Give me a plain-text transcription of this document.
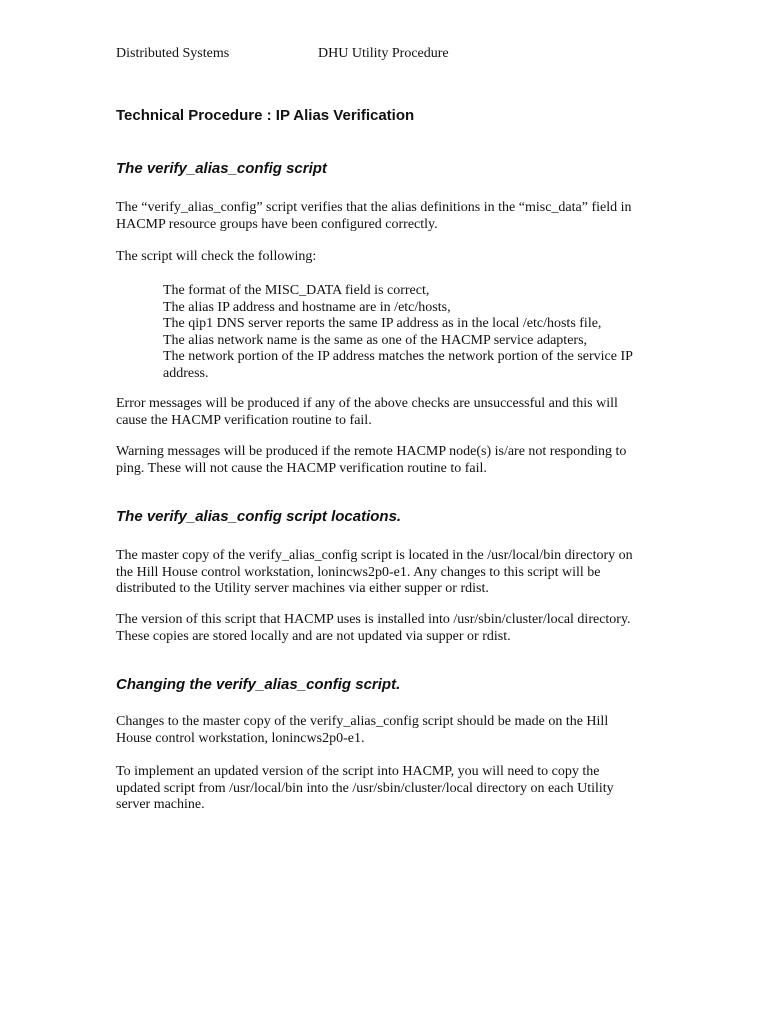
Distributed Systems	DHU Utility Procedure
Technical Procedure : IP Alias Verification
The verify_alias_config script

The “verify_alias_config” script verifies that the alias definitions in the “misc_data” field in HACMP resource groups have been configured correctly.

The script will check the following:

The format of the MISC_DATA field is correct,
The alias IP address and hostname are in /etc/hosts,
The qip1 DNS server reports the same IP address as in the local /etc/hosts file,
The alias network name is the same as one of the HACMP service adapters,
The network portion of the IP address matches the network portion of the service IP address.

Error messages will be produced if any of the above checks are unsuccessful and this will cause the HACMP verification routine to fail.

Warning messages will be produced if the remote HACMP node(s) is/are not responding to ping. These will not cause the HACMP verification routine to fail.

The verify_alias_config script locations.

The master copy of the verify_alias_config script is located in the /usr/local/bin directory on the Hill House control workstation, lonincws2p0-e1. Any changes to this script will be distributed to the Utility server machines via either supper or rdist.

The version of this script that HACMP uses is installed into /usr/sbin/cluster/local directory. These copies are stored locally and are not updated via supper or rdist.

Changing the verify_alias_config script.

Changes to the master copy of the verify_alias_config script should be made on the Hill House control workstation, lonincws2p0-e1.

To implement an updated version of the script into HACMP, you will need to copy the updated script from /usr/local/bin into the /usr/sbin/cluster/local directory on each Utility server machine.
